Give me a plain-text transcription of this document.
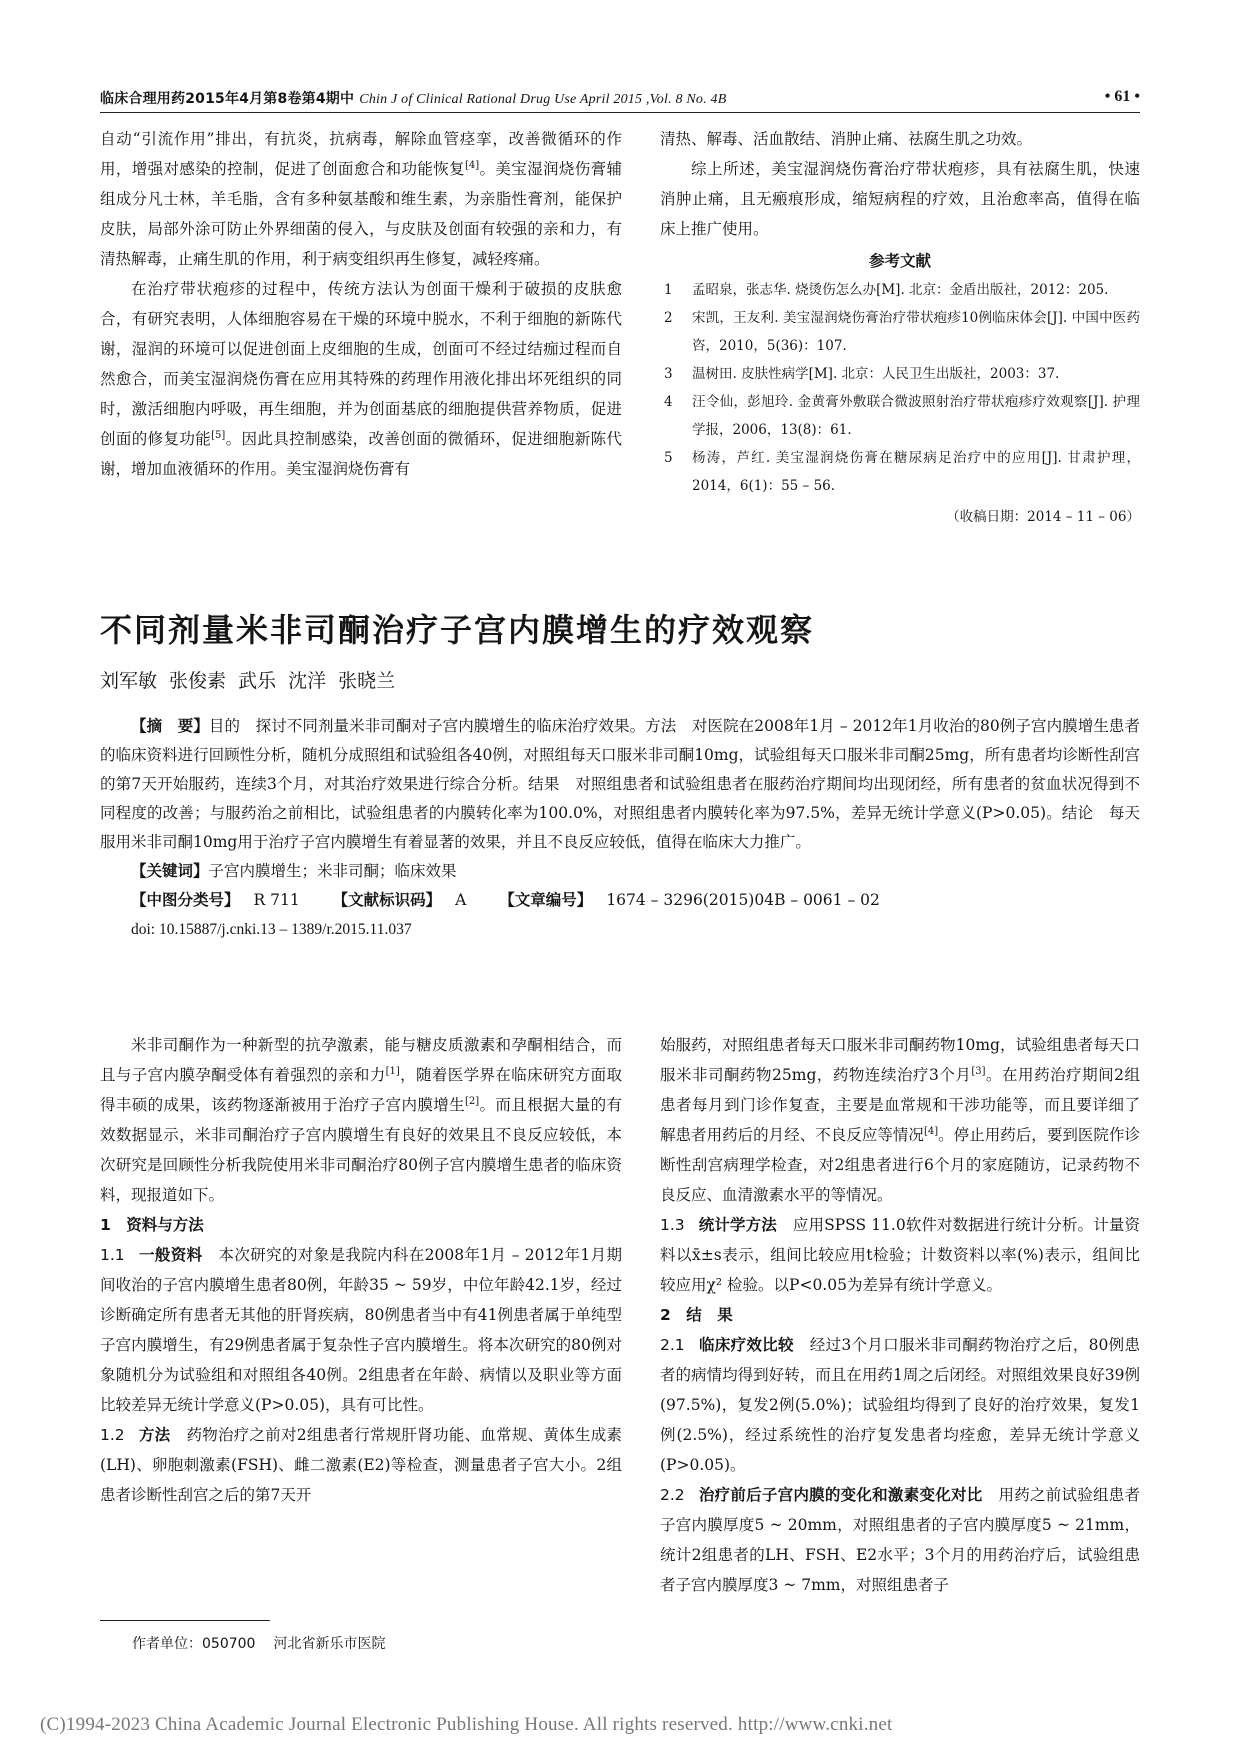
临床合理用药2015年4月第8卷第4期中 Chin J of Clinical Rational Drug Use April 2015 ,Vol. 8 No. 4B	• 61 •

自动“引流作用”排出，有抗炎，抗病毒，解除血管痉挛，改善微循环的作用，增强对感染的控制，促进了创面愈合和功能恢复[4]。美宝湿润烧伤膏辅组成分凡士林，羊毛脂，含有多种氨基酸和维生素，为亲脂性膏剂，能保护皮肤，局部外涂可防止外界细菌的侵入，与皮肤及创面有较强的亲和力，有清热解毒，止痛生肌的作用，利于病变组织再生修复，减轻疼痛。

在治疗带状疱疹的过程中，传统方法认为创面干燥利于破损的皮肤愈合，有研究表明，人体细胞容易在干燥的环境中脱水，不利于细胞的新陈代谢，湿润的环境可以促进创面上皮细胞的生成，创面可不经过结痂过程而自然愈合，而美宝湿润烧伤膏在应用其特殊的药理作用液化排出坏死组织的同时，激活细胞内呼吸，再生细胞，并为创面基底的细胞提供营养物质，促进创面的修复功能[5]。因此具控制感染，改善创面的微循环，促进细胞新陈代谢，增加血液循环的作用。美宝湿润烧伤膏有

清热、解毒、活血散结、消肿止痛、祛腐生肌之功效。

综上所述，美宝湿润烧伤膏治疗带状疱疹，具有祛腐生肌，快速消肿止痛，且无瘢痕形成，缩短病程的疗效，且治愈率高，值得在临床上推广使用。

参考文献
1	孟昭泉，张志华. 烧烫伤怎么办[M]. 北京：金盾出版社，2012：205.
2	宋凯，王友利. 美宝湿润烧伤膏治疗带状疱疹10例临床体会[J]. 中国中医药咨，2010，5(36)：107.
3	温树田. 皮肤性病学[M]. 北京：人民卫生出版社，2003：37.
4	汪令仙，彭旭玲. 金黄膏外敷联合微波照射治疗带状疱疹疗效观察[J]. 护理学报，2006，13(8)：61.
5	杨涛，芦红. 美宝湿润烧伤膏在糖尿病足治疗中的应用[J]. 甘肃护理，2014，6(1)：55 – 56.
（收稿日期：2014 – 11 – 06）
不同剂量米非司酮治疗子宫内膜增生的疗效观察
刘军敏 张俊素 武乐 沈洋 张晓兰

【摘　要】目的　探讨不同剂量米非司酮对子宫内膜增生的临床治疗效果。方法　对医院在2008年1月 – 2012年1月收治的80例子宫内膜增生患者的临床资料进行回顾性分析，随机分成照组和试验组各40例，对照组每天口服米非司酮10mg，试验组每天口服米非司酮25mg，所有患者均诊断性刮宫的第7天开始服药，连续3个月，对其治疗效果进行综合分析。结果　对照组患者和试验组患者在服药治疗期间均出现闭经，所有患者的贫血状况得到不同程度的改善；与服药治之前相比，试验组患者的内膜转化率为100.0%，对照组患者内膜转化率为97.5%，差异无统计学意义(P>0.05)。结论　每天服用米非司酮10mg用于治疗子宫内膜增生有着显著的效果，并且不良反应较低，值得在临床大力推广。

【关键词】子宫内膜增生；米非司酮；临床效果

【中图分类号】 R 711 【文献标识码】 A 【文章编号】 1674 – 3296(2015)04B – 0061 – 02

doi: 10.15887/j.cnki.13 – 1389/r.2015.11.037

米非司酮作为一种新型的抗孕激素，能与糖皮质激素和孕酮相结合，而且与子宫内膜孕酮受体有着强烈的亲和力[1]，随着医学界在临床研究方面取得丰硕的成果，该药物逐渐被用于治疗子宫内膜增生[2]。而且根据大量的有效数据显示，米非司酮治疗子宫内膜增生有良好的效果且不良反应较低，本次研究是回顾性分析我院使用米非司酮治疗80例子宫内膜增生患者的临床资料，现报道如下。

1　资料与方法

1.1 一般资料 本次研究的对象是我院内科在2008年1月 – 2012年1月期间收治的子宫内膜增生患者80例，年龄35 ~ 59岁，中位年龄42.1岁，经过诊断确定所有患者无其他的肝肾疾病，80例患者当中有41例患者属于单纯型子宫内膜增生，有29例患者属于复杂性子宫内膜增生。将本次研究的80例对象随机分为试验组和对照组各40例。2组患者在年龄、病情以及职业等方面比较差异无统计学意义(P>0.05)，具有可比性。

1.2 方法 药物治疗之前对2组患者行常规肝肾功能、血常规、黄体生成素(LH)、卵胞刺激素(FSH)、雌二激素(E2)等检查，测量患者子宫大小。2组患者诊断性刮宫之后的第7天开

始服药，对照组患者每天口服米非司酮药物10mg，试验组患者每天口服米非司酮药物25mg，药物连续治疗3个月[3]。在用药治疗期间2组患者每月到门诊作复查，主要是血常规和干涉功能等，而且要详细了解患者用药后的月经、不良反应等情况[4]。停止用药后，要到医院作诊断性刮宫病理学检查，对2组患者进行6个月的家庭随访，记录药物不良反应、血清激素水平的等情况。

1.3 统计学方法 应用SPSS 11.0软件对数据进行统计分析。计量资料以x̄±s表示，组间比较应用t检验；计数资料以率(%)表示，组间比较应用χ² 检验。以P<0.05为差异有统计学意义。

2　结　果

2.1 临床疗效比较 经过3个月口服米非司酮药物治疗之后，80例患者的病情均得到好转，而且在用药1周之后闭经。对照组效果良好39例(97.5%)，复发2例(5.0%)；试验组均得到了良好的治疗效果，复发1例(2.5%)，经过系统性的治疗复发患者均痊愈，差异无统计学意义(P>0.05)。

2.2 治疗前后子宫内膜的变化和激素变化对比 用药之前试验组患者子宫内膜厚度5 ~ 20mm，对照组患者的子宫内膜厚度5 ~ 21mm，统计2组患者的LH、FSH、E2水平；3个月的用药治疗后，试验组患者子宫内膜厚度3 ~ 7mm，对照组患者子

作者单位：050700 河北省新乐市医院
(C)1994-2023 China Academic Journal Electronic Publishing House. All rights reserved. http://www.cnki.net
